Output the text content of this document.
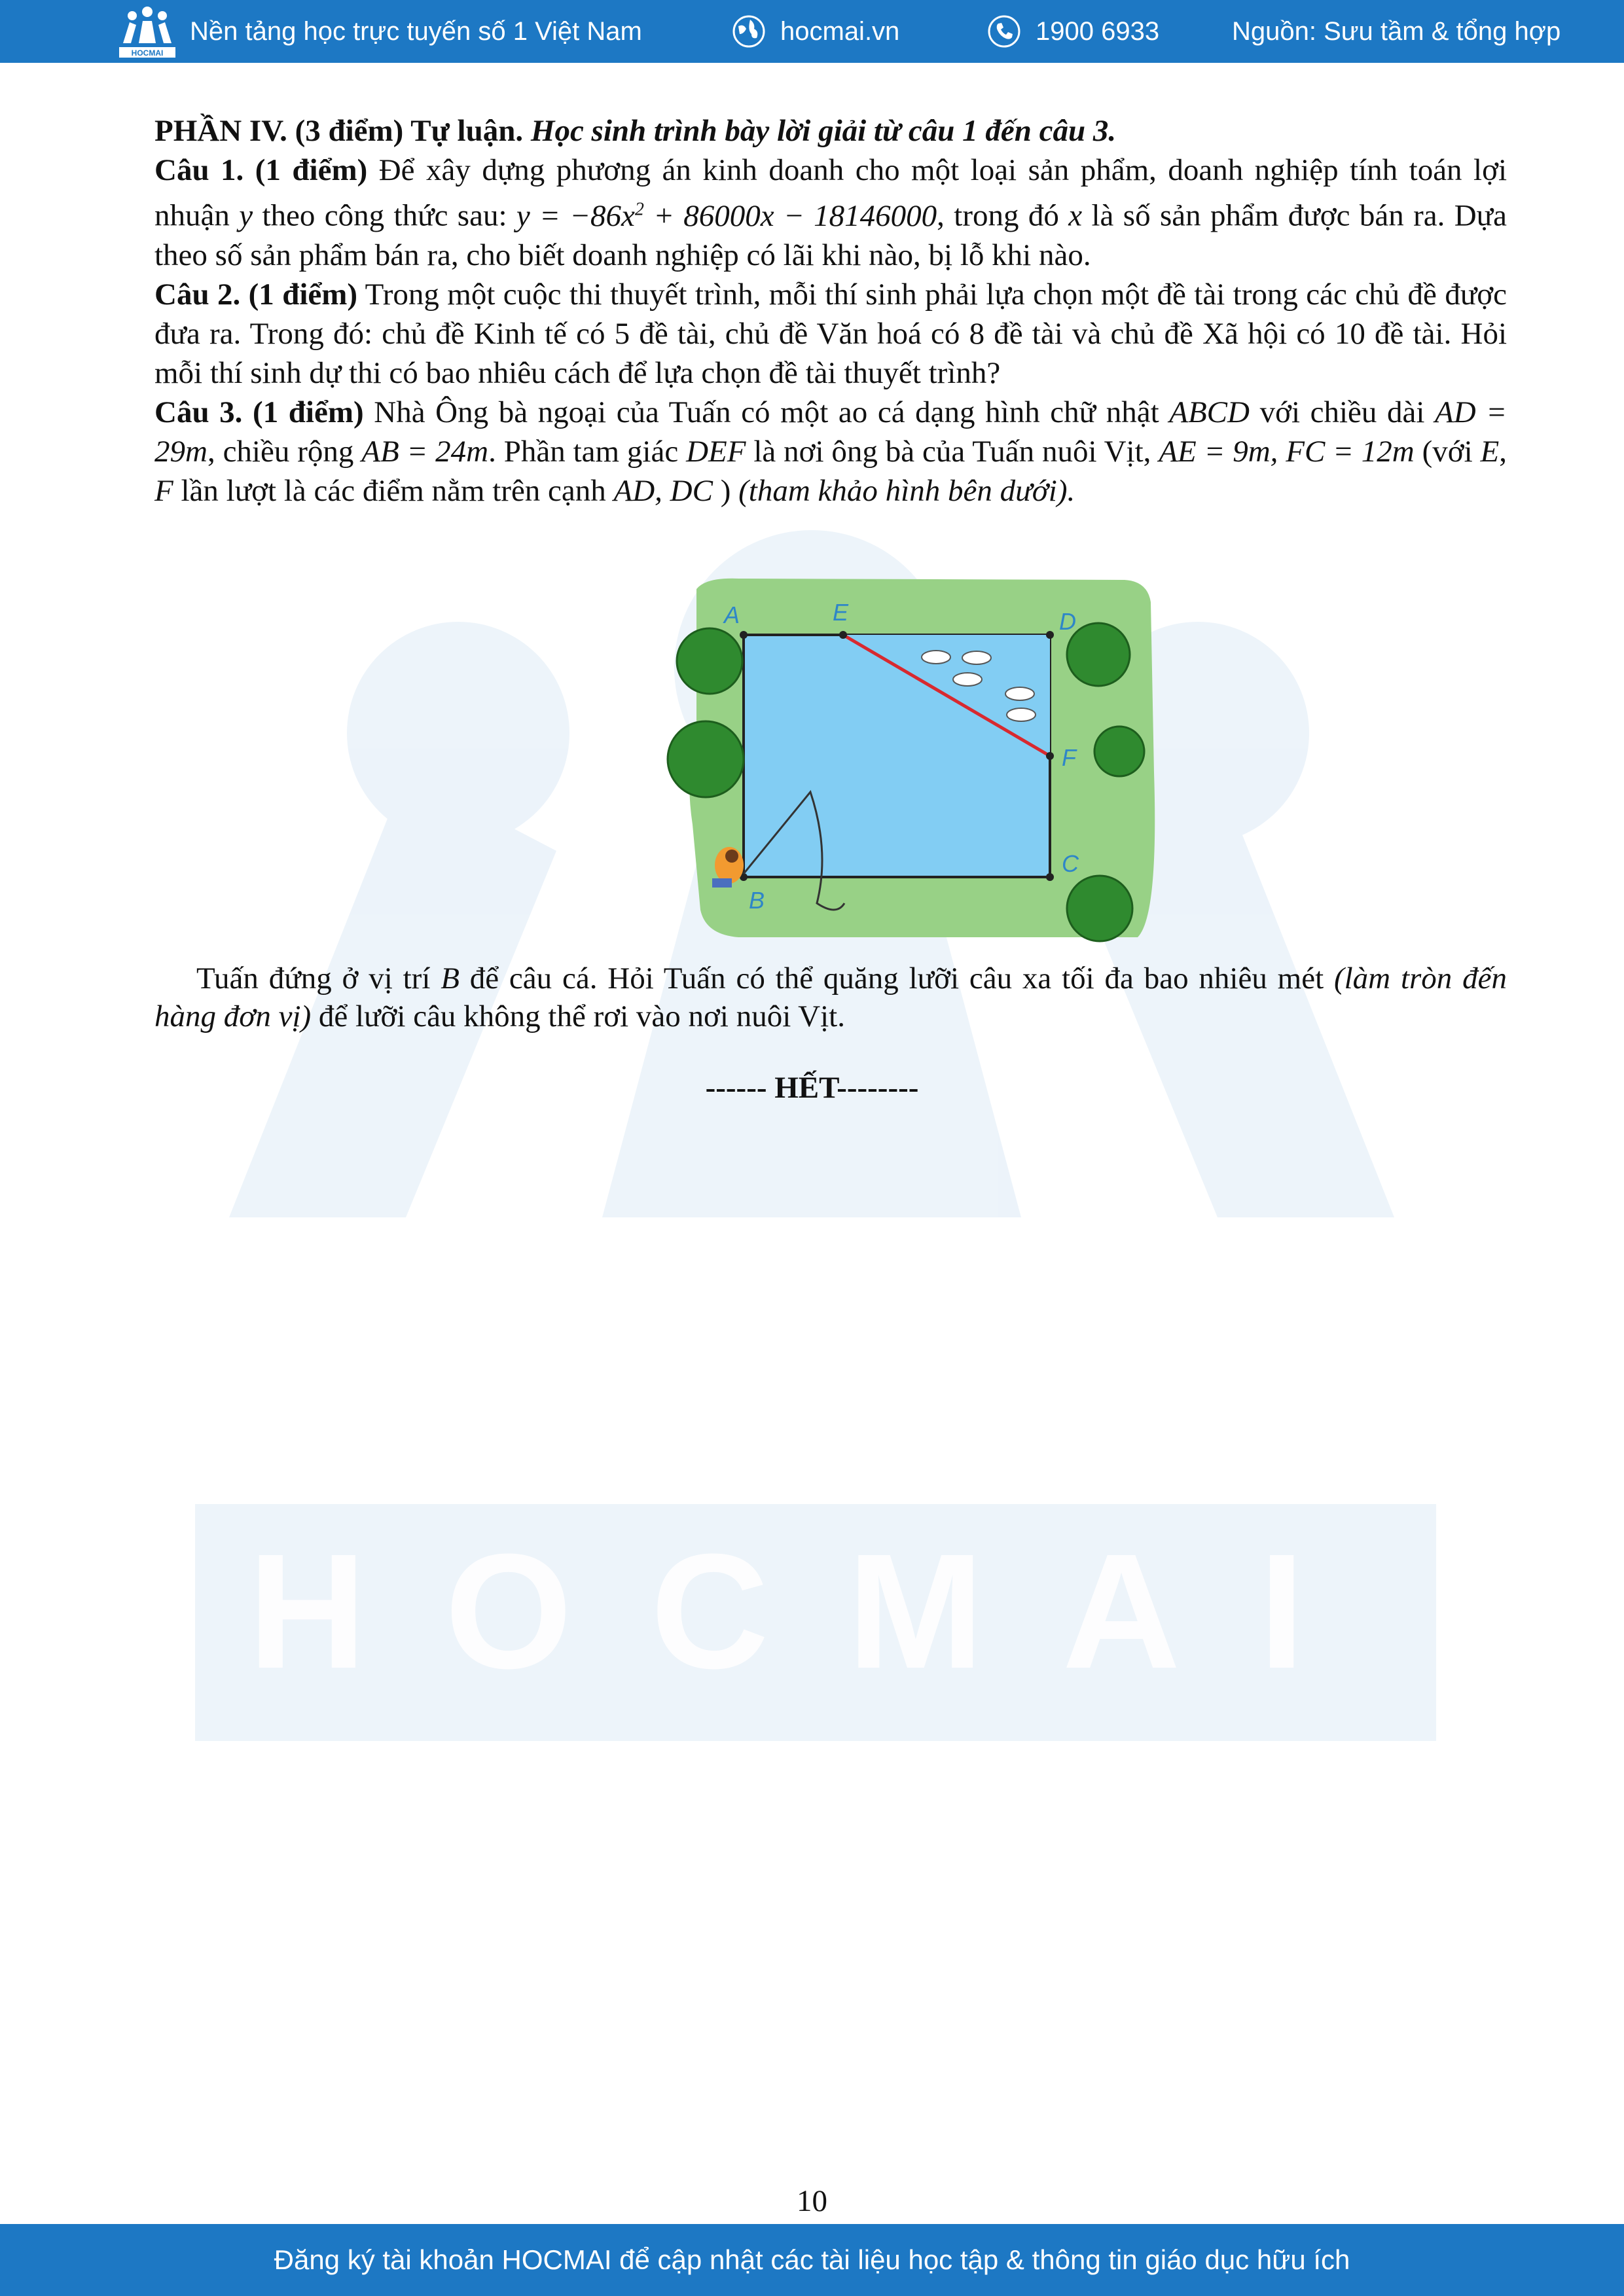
HOCMAI
HOCMAI
Nền tảng học trực tuyến số 1 Việt Nam	hocmai.vn	1900 6933	Nguồn: Sưu tầm & tổng hợp

PHẦN IV. (3 điểm) Tự luận. Học sinh trình bày lời giải từ câu 1 đến câu 3.

Câu 1. (1 điểm) Để xây dựng phương án kinh doanh cho một loại sản phẩm, doanh nghiệp tính toán lợi nhuận y theo công thức sau: $y = -86x^2 + 86000x - 18146000$, trong đó x là số sản phẩm được bán ra. Dựa theo số sản phẩm bán ra, cho biết doanh nghiệp có lãi khi nào, bị lỗ khi nào.

Câu 2. (1 điểm) Trong một cuộc thi thuyết trình, mỗi thí sinh phải lựa chọn một đề tài trong các chủ đề được đưa ra. Trong đó: chủ đề Kinh tế có 5 đề tài, chủ đề Văn hoá có 8 đề tài và chủ đề Xã hội có 10 đề tài. Hỏi mỗi thí sinh dự thi có bao nhiêu cách để lựa chọn đề tài thuyết trình?

Câu 3. (1 điểm) Nhà Ông bà ngoại của Tuấn có một ao cá dạng hình chữ nhật ABCD với chiều dài AD = 29m, chiều rộng AB = 24m. Phần tam giác DEF là nơi ông bà của Tuấn nuôi Vịt, AE = 9m, FC = 12m (với E, F lần lượt là các điểm nằm trên cạnh AD, DC ) (tham khảo hình bên dưới).

A	E	D
F
C
B
Tuấn đứng ở vị trí B để câu cá. Hỏi Tuấn có thể quăng lưỡi câu xa tối đa bao nhiêu mét (làm tròn đến hàng đơn vị) để lưỡi câu không thể rơi vào nơi nuôi Vịt.
------ HẾT--------
10
Đăng ký tài khoản HOCMAI để cập nhật các tài liệu học tập & thông tin giáo dục hữu ích
